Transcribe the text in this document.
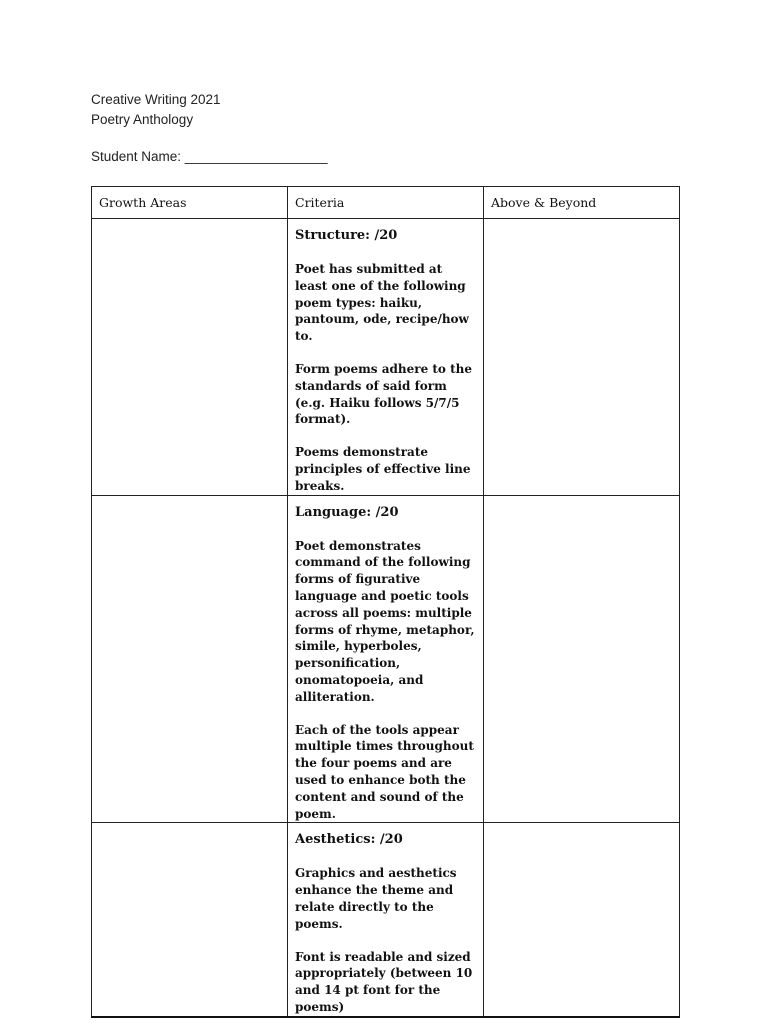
Creative Writing 2021
Poetry Anthology
Student Name: ___________________
Growth Areas	Criteria	Above & Beyond

	Structure: /20
Poet has submitted at least one of the following poem types: haiku, pantoum, ode, recipe/how to.
Form poems adhere to the standards of said form (e.g. Haiku follows 5/7/5 format).
Poems demonstrate principles of effective line breaks.	

	Language: /20
Poet demonstrates command of the following forms of figurative language and poetic tools across all poems: multiple forms of rhyme, metaphor, simile, hyperboles, personification, onomatopoeia, and alliteration.
Each of the tools appear multiple times throughout the four poems and are used to enhance both the content and sound of the poem.	

	Aesthetics: /20
Graphics and aesthetics enhance the theme and relate directly to the poems.
Font is readable and sized appropriately (between 10 and 14 pt font for the poems)	
